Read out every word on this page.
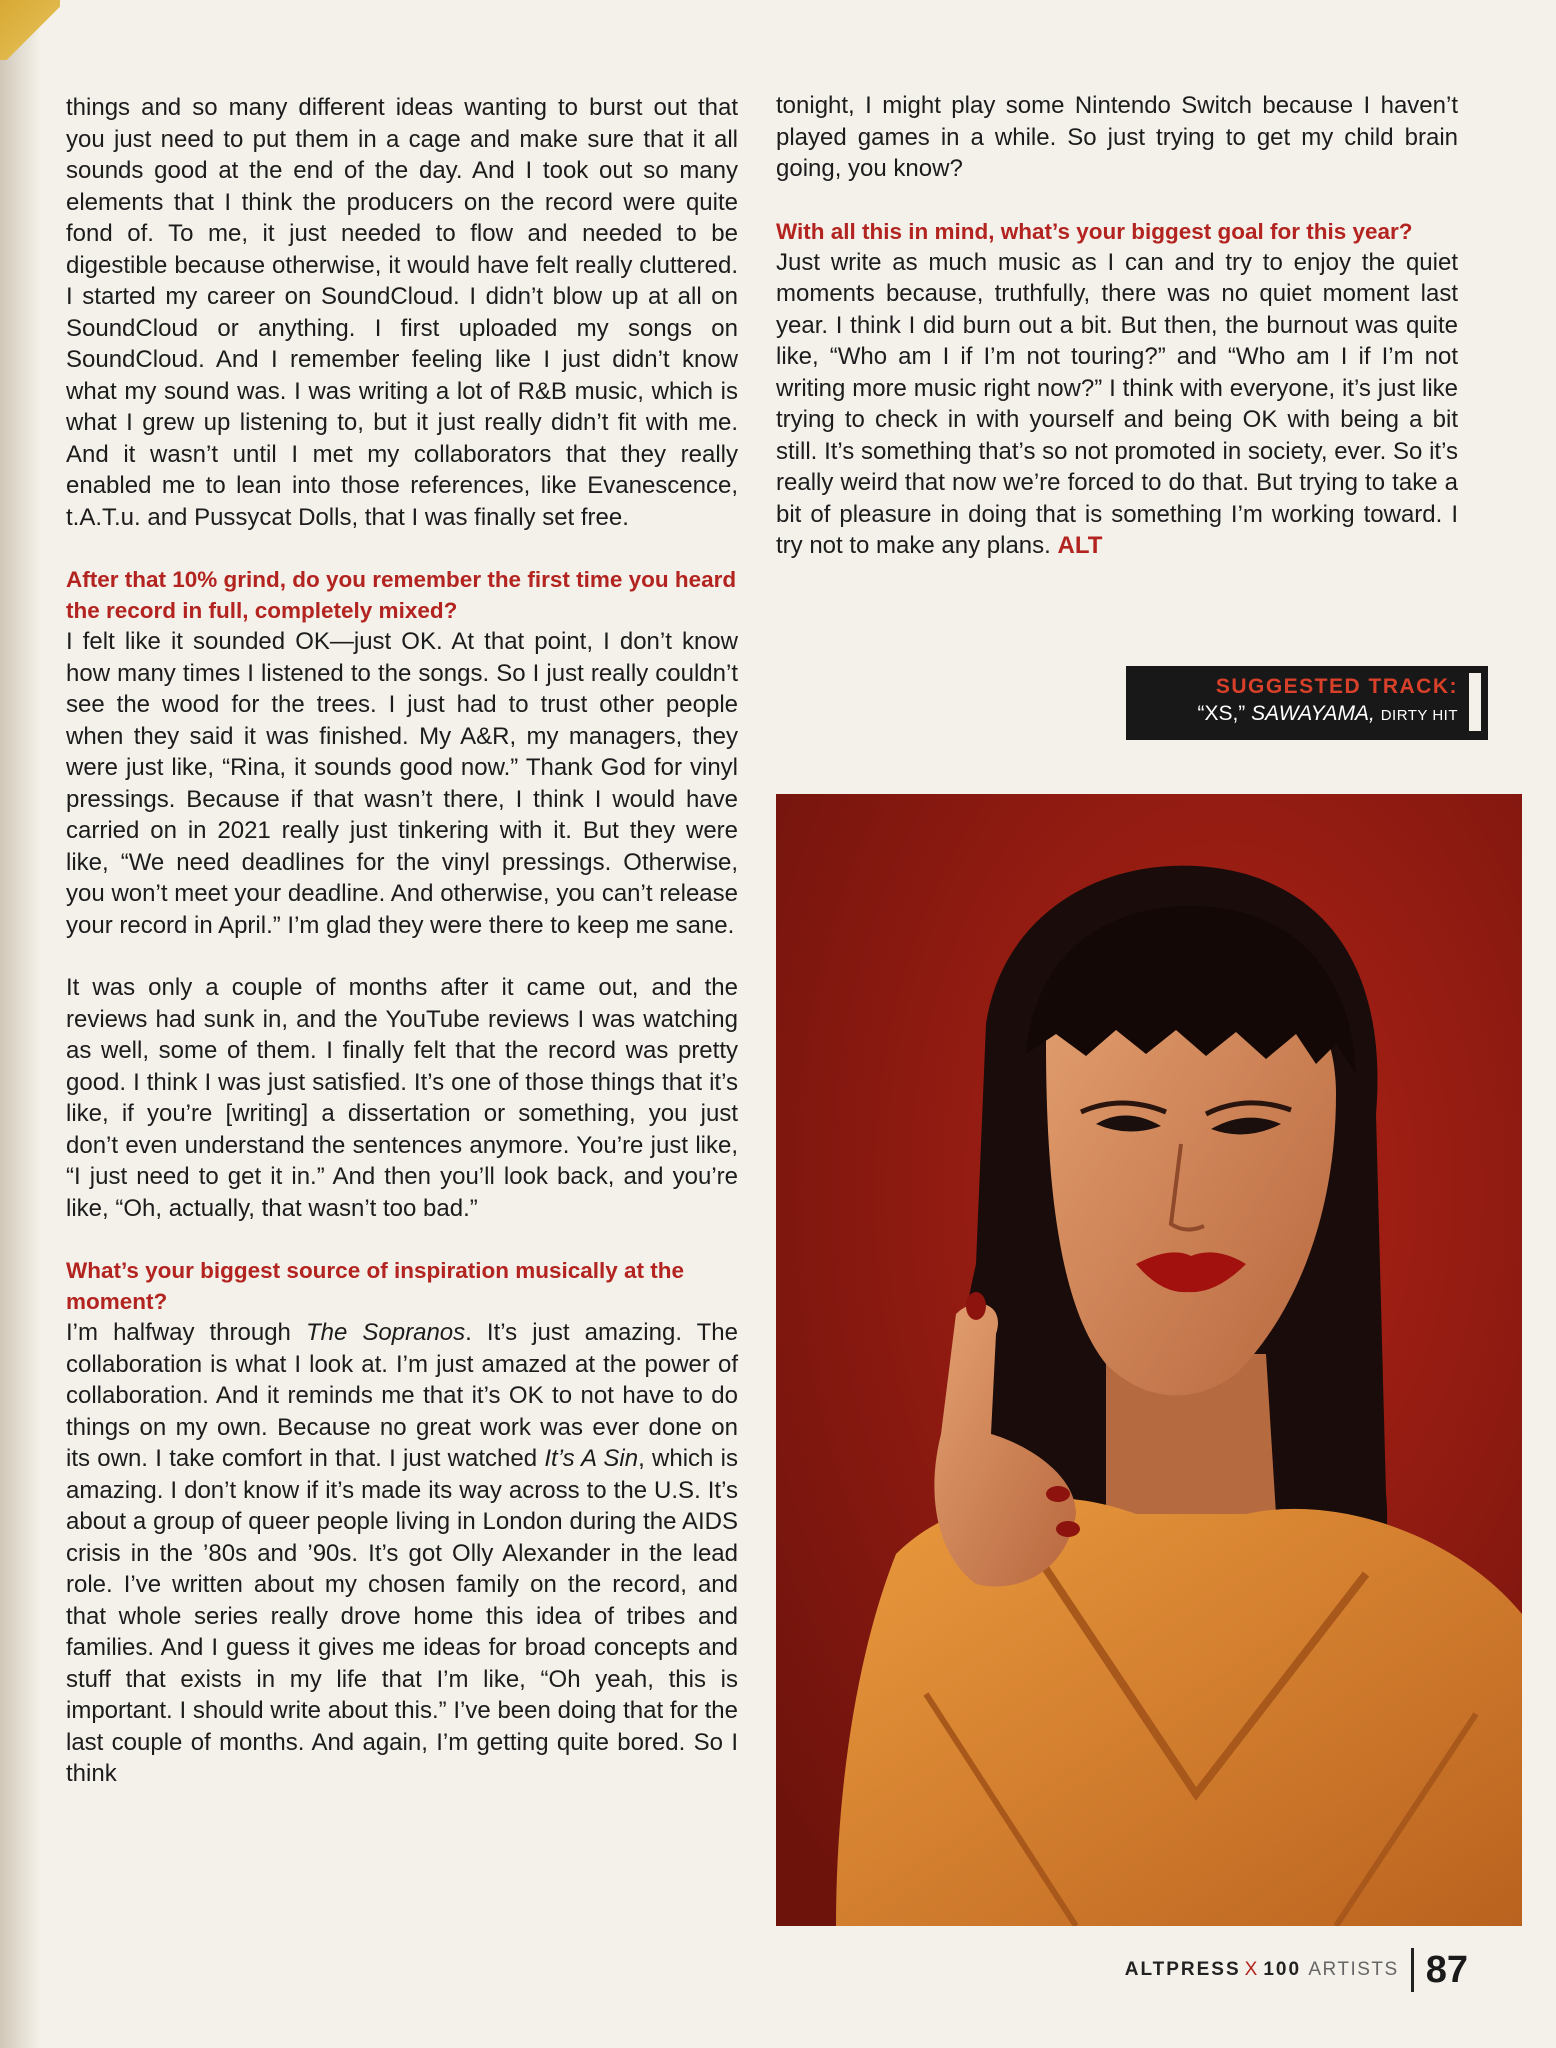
things and so many different ideas wanting to burst out that you just need to put them in a cage and make sure that it all sounds good at the end of the day. And I took out so many elements that I think the producers on the record were quite fond of. To me, it just needed to flow and needed to be digestible because otherwise, it would have felt really cluttered. I started my career on SoundCloud. I didn’t blow up at all on SoundCloud or anything. I first uploaded my songs on SoundCloud. And I remember feeling like I just didn’t know what my sound was. I was writing a lot of R&B music, which is what I grew up listening to, but it just really didn’t fit with me. And it wasn’t until I met my collaborators that they really enabled me to lean into those references, like Evanescence, t.A.T.u. and Pussycat Dolls, that I was finally set free.

After that 10% grind, do you remember the first time you heard the record in full, completely mixed?

I felt like it sounded OK—just OK. At that point, I don’t know how many times I listened to the songs. So I just really couldn’t see the wood for the trees. I just had to trust other people when they said it was finished. My A&R, my managers, they were just like, “Rina, it sounds good now.” Thank God for vinyl pressings. Because if that wasn’t there, I think I would have carried on in 2021 really just tinkering with it. But they were like, “We need deadlines for the vinyl pressings. Otherwise, you won’t meet your deadline. And otherwise, you can’t release your record in April.” I’m glad they were there to keep me sane.

It was only a couple of months after it came out, and the reviews had sunk in, and the YouTube reviews I was watching as well, some of them. I finally felt that the record was pretty good. I think I was just satisfied. It’s one of those things that it’s like, if you’re [writing] a dissertation or something, you just don’t even understand the sentences anymore. You’re just like, “I just need to get it in.” And then you’ll look back, and you’re like, “Oh, actually, that wasn’t too bad.”

What’s your biggest source of inspiration musically at the moment?

I’m halfway through The Sopranos. It’s just amazing. The collaboration is what I look at. I’m just amazed at the power of collaboration. And it reminds me that it’s OK to not have to do things on my own. Because no great work was ever done on its own. I take comfort in that. I just watched It’s A Sin, which is amazing. I don’t know if it’s made its way across to the U.S. It’s about a group of queer people living in London during the AIDS crisis in the ’80s and ’90s. It’s got Olly Alexander in the lead role. I’ve written about my chosen family on the record, and that whole series really drove home this idea of tribes and families. And I guess it gives me ideas for broad concepts and stuff that exists in my life that I’m like, “Oh yeah, this is important. I should write about this.” I’ve been doing that for the last couple of months. And again, I’m getting quite bored. So I think

tonight, I might play some Nintendo Switch because I haven’t played games in a while. So just trying to get my child brain going, you know?

With all this in mind, what’s your biggest goal for this year?

Just write as much music as I can and try to enjoy the quiet moments because, truthfully, there was no quiet moment last year. I think I did burn out a bit. But then, the burnout was quite like, “Who am I if I’m not touring?” and “Who am I if I’m not writing more music right now?” I think with everyone, it’s just like trying to check in with yourself and being OK with being a bit still. It’s something that’s so not promoted in society, ever. So it’s really weird that now we’re forced to do that. But trying to take a bit of pleasure in doing that is something I’m working toward. I try not to make any plans. ALT

SUGGESTED TRACK:
“XS,” SAWAYAMA, DIRTY HIT
ALTPRESS X 100 ARTISTS 87
